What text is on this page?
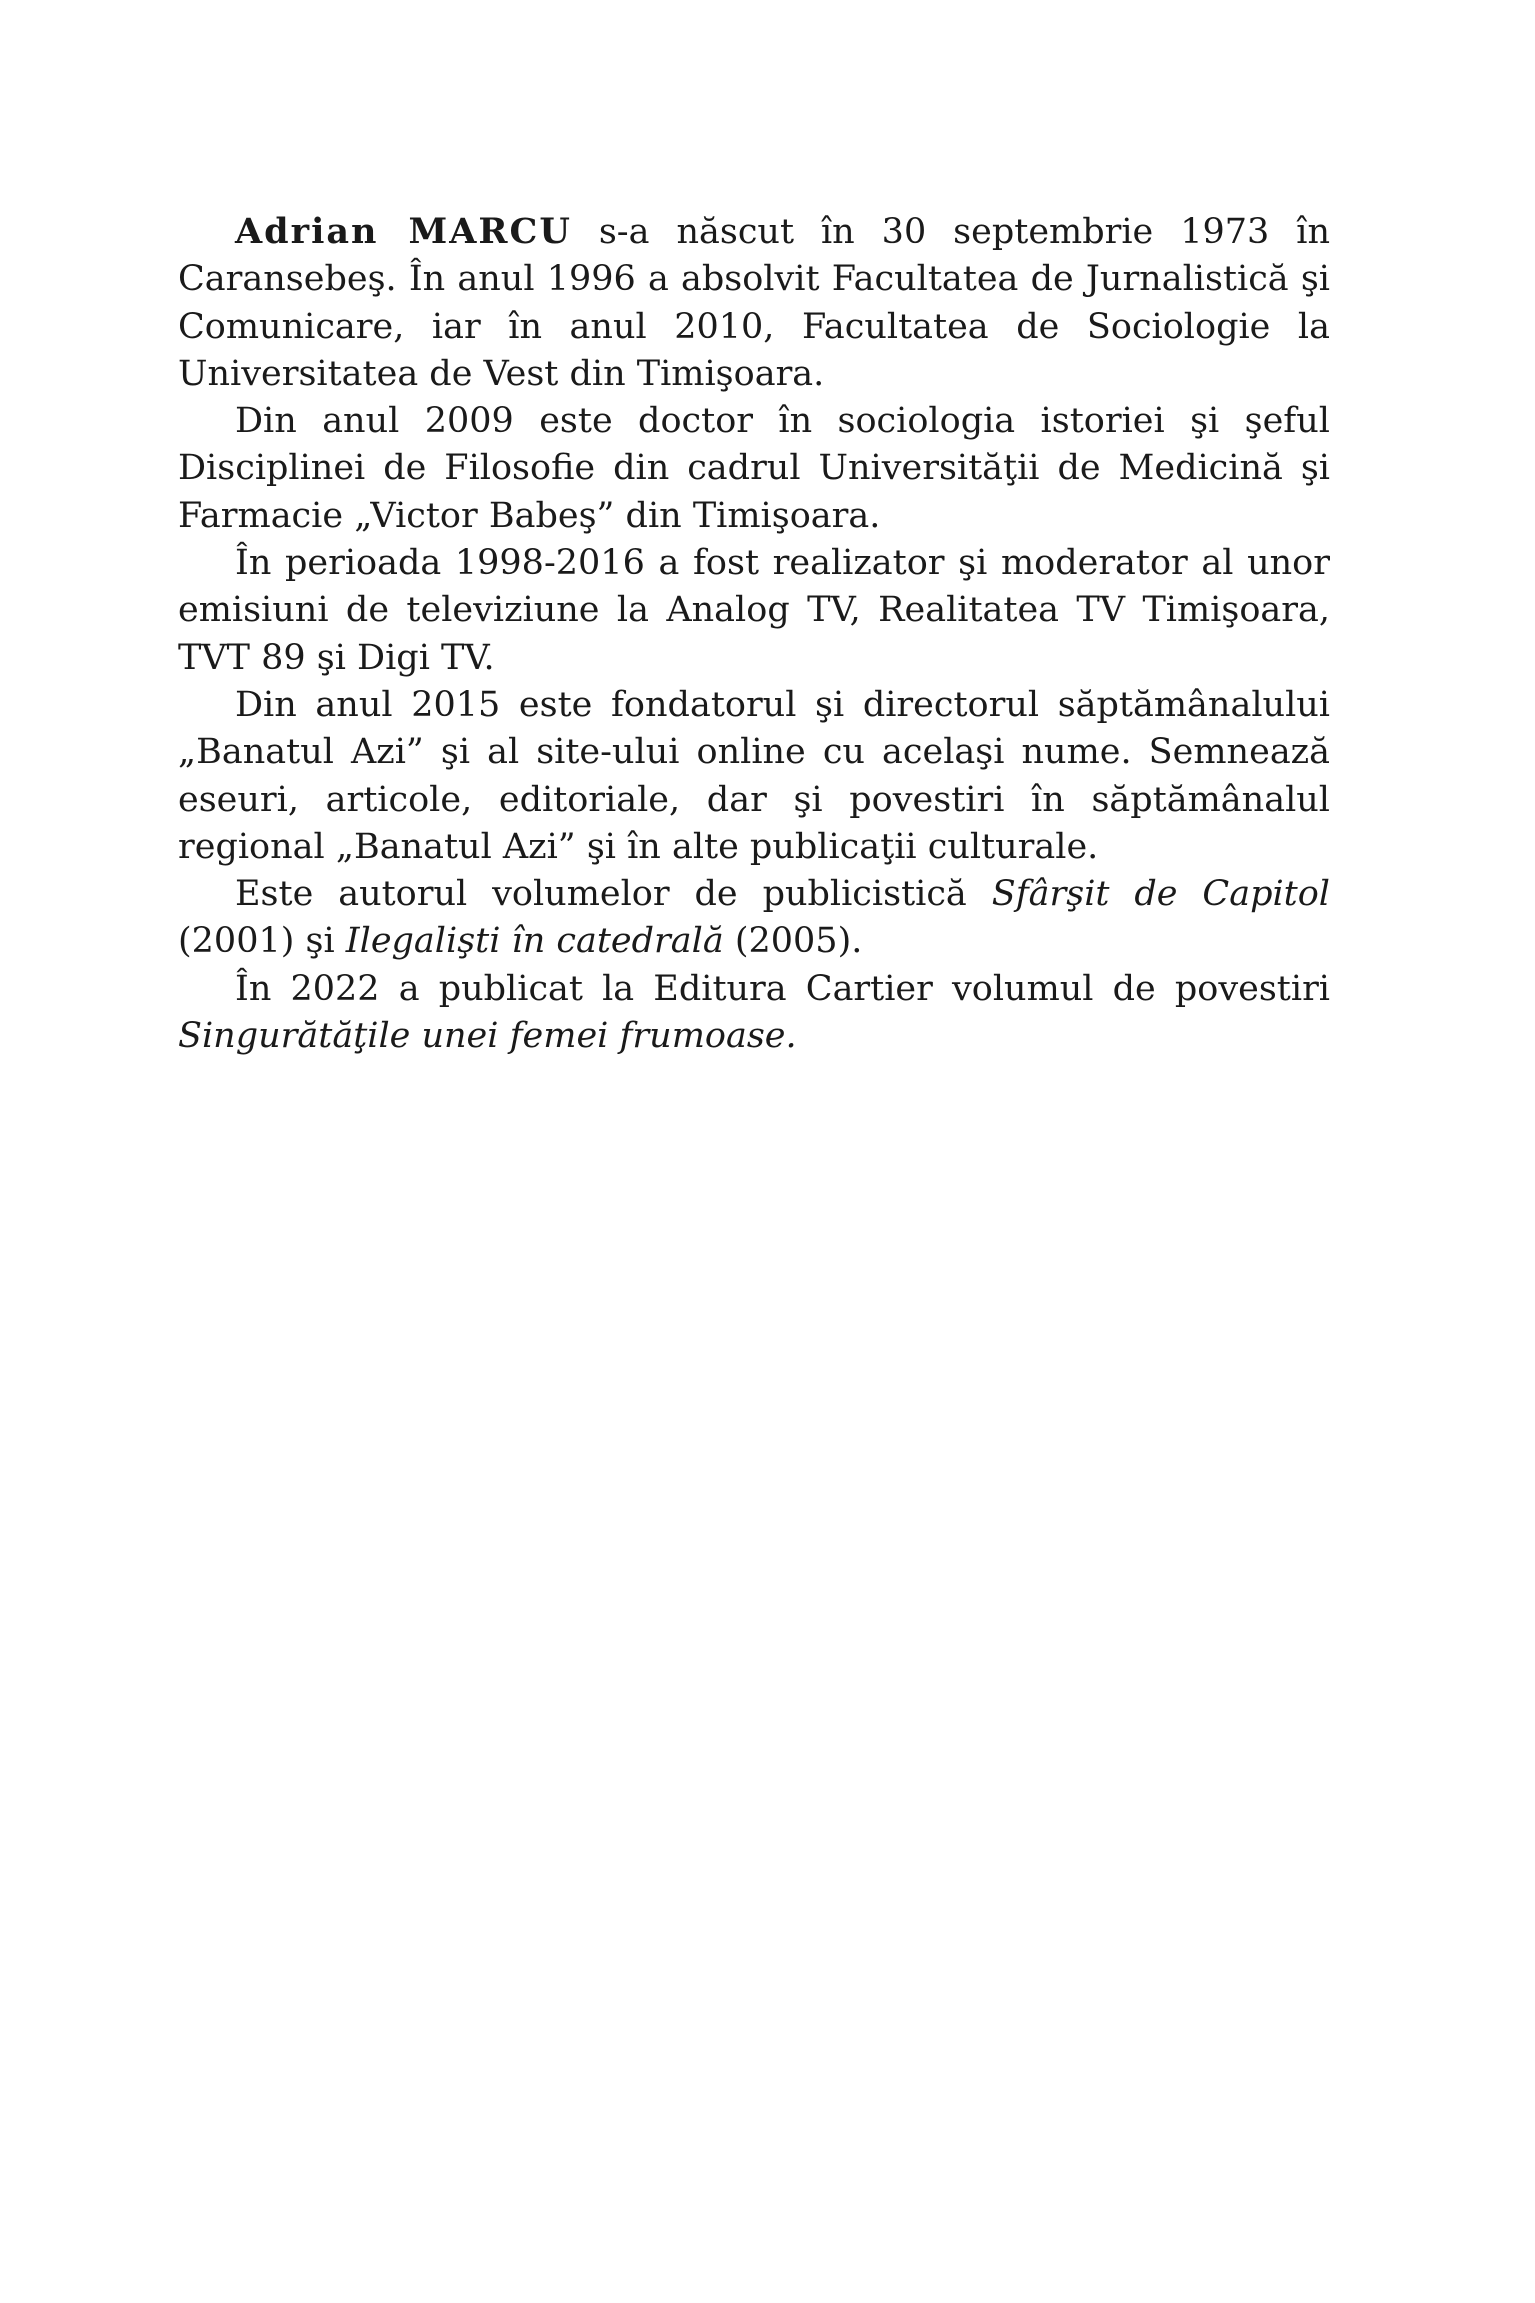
Adrian MARCU s-a născut în 30 septembrie 1973 în Caransebeş. În anul 1996 a absolvit Facultatea de Jurnalistică şi Comunicare, iar în anul 2010, Facultatea de Sociologie la Universitatea de Vest din Timişoara.

Din anul 2009 este doctor în sociologia istoriei şi şeful Disciplinei de Filosofie din cadrul Universităţii de Medicină şi Farmacie „Victor Babeş” din Timişoara.

În perioada 1998-2016 a fost realizator şi moderator al unor emisiuni de televiziune la Analog TV, Realitatea TV Timişoara, TVT 89 şi Digi TV.

Din anul 2015 este fondatorul şi directorul săptămânalului „Banatul Azi” şi al site-ului online cu acelaşi nume. Semnează eseuri, articole, editoriale, dar şi povestiri în săptămânalul regional „Banatul Azi” şi în alte publicaţii culturale.

Este autorul volumelor de publicistică Sfârşit de Capitol (2001) şi Ilegalişti în catedrală (2005).

În 2022 a publicat la Editura Cartier volumul de povestiri Singurătăţile unei femei frumoase.
